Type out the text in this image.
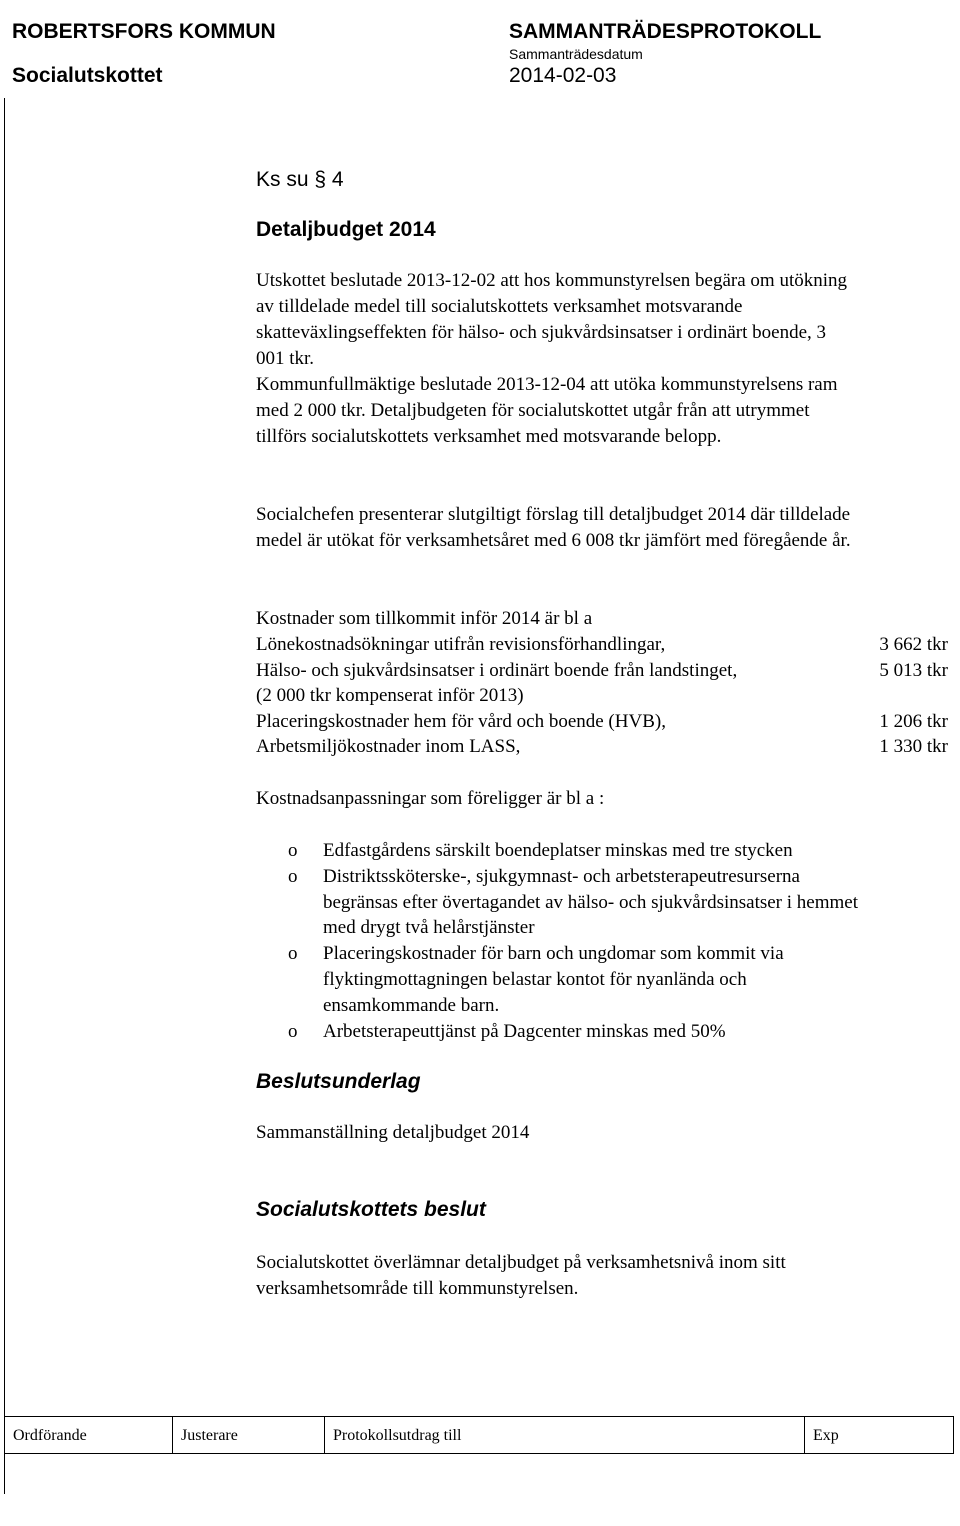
ROBERTSFORS KOMMUN
Socialutskottet
SAMMANTRÄDESPROTOKOLL
Sammanträdesdatum
2014-02-03
Ks su § 4
Detaljbudget 2014
Utskottet beslutade 2013-12-02 att hos kommunstyrelsen begära om utökning
av tilldelade medel till socialutskottets verksamhet motsvarande
skatteväxlingseffekten för hälso- och sjukvårdsinsatser i ordinärt boende, 3
001 tkr.
Kommunfullmäktige beslutade 2013-12-04 att utöka kommunstyrelsens ram
med 2 000 tkr. Detaljbudgeten för socialutskottet utgår från att utrymmet
tillförs socialutskottets verksamhet med motsvarande belopp.
Socialchefen presenterar slutgiltigt förslag till detaljbudget 2014 där tilldelade
medel är utökat för verksamhetsåret med 6 008 tkr jämfört med föregående år.
Kostnader som tillkommit inför 2014 är bl a
Lönekostnadsökningar utifrån revisionsförhandlingar,	3 662 tkr
Hälso- och sjukvårdsinsatser i ordinärt boende från landstinget,	5 013 tkr
(2 000 tkr kompenserat inför 2013)	
Placeringskostnader hem för vård och boende (HVB),	1 206 tkr
Arbetsmiljökostnader inom LASS,	1 330 tkr
Kostnadsanpassningar som föreligger är bl a :
o Edfastgårdens särskilt boendeplatser minskas med tre stycken
o Distriktssköterske-, sjukgymnast- och arbetsterapeutresurserna
begränsas efter övertagandet av hälso- och sjukvårdsinsatser i hemmet
med drygt två helårstjänster
o Placeringskostnader för barn och ungdomar som kommit via
flyktingmottagningen belastar kontot för nyanlända och
ensamkommande barn.
o Arbetsterapeuttjänst på Dagcenter minskas med 50%
Beslutsunderlag
Sammanställning detaljbudget 2014
Socialutskottets beslut
Socialutskottet överlämnar detaljbudget på verksamhetsnivå inom sitt
verksamhetsområde till kommunstyrelsen.
Ordförande	Justerare	Protokollsutdrag till	Exp
